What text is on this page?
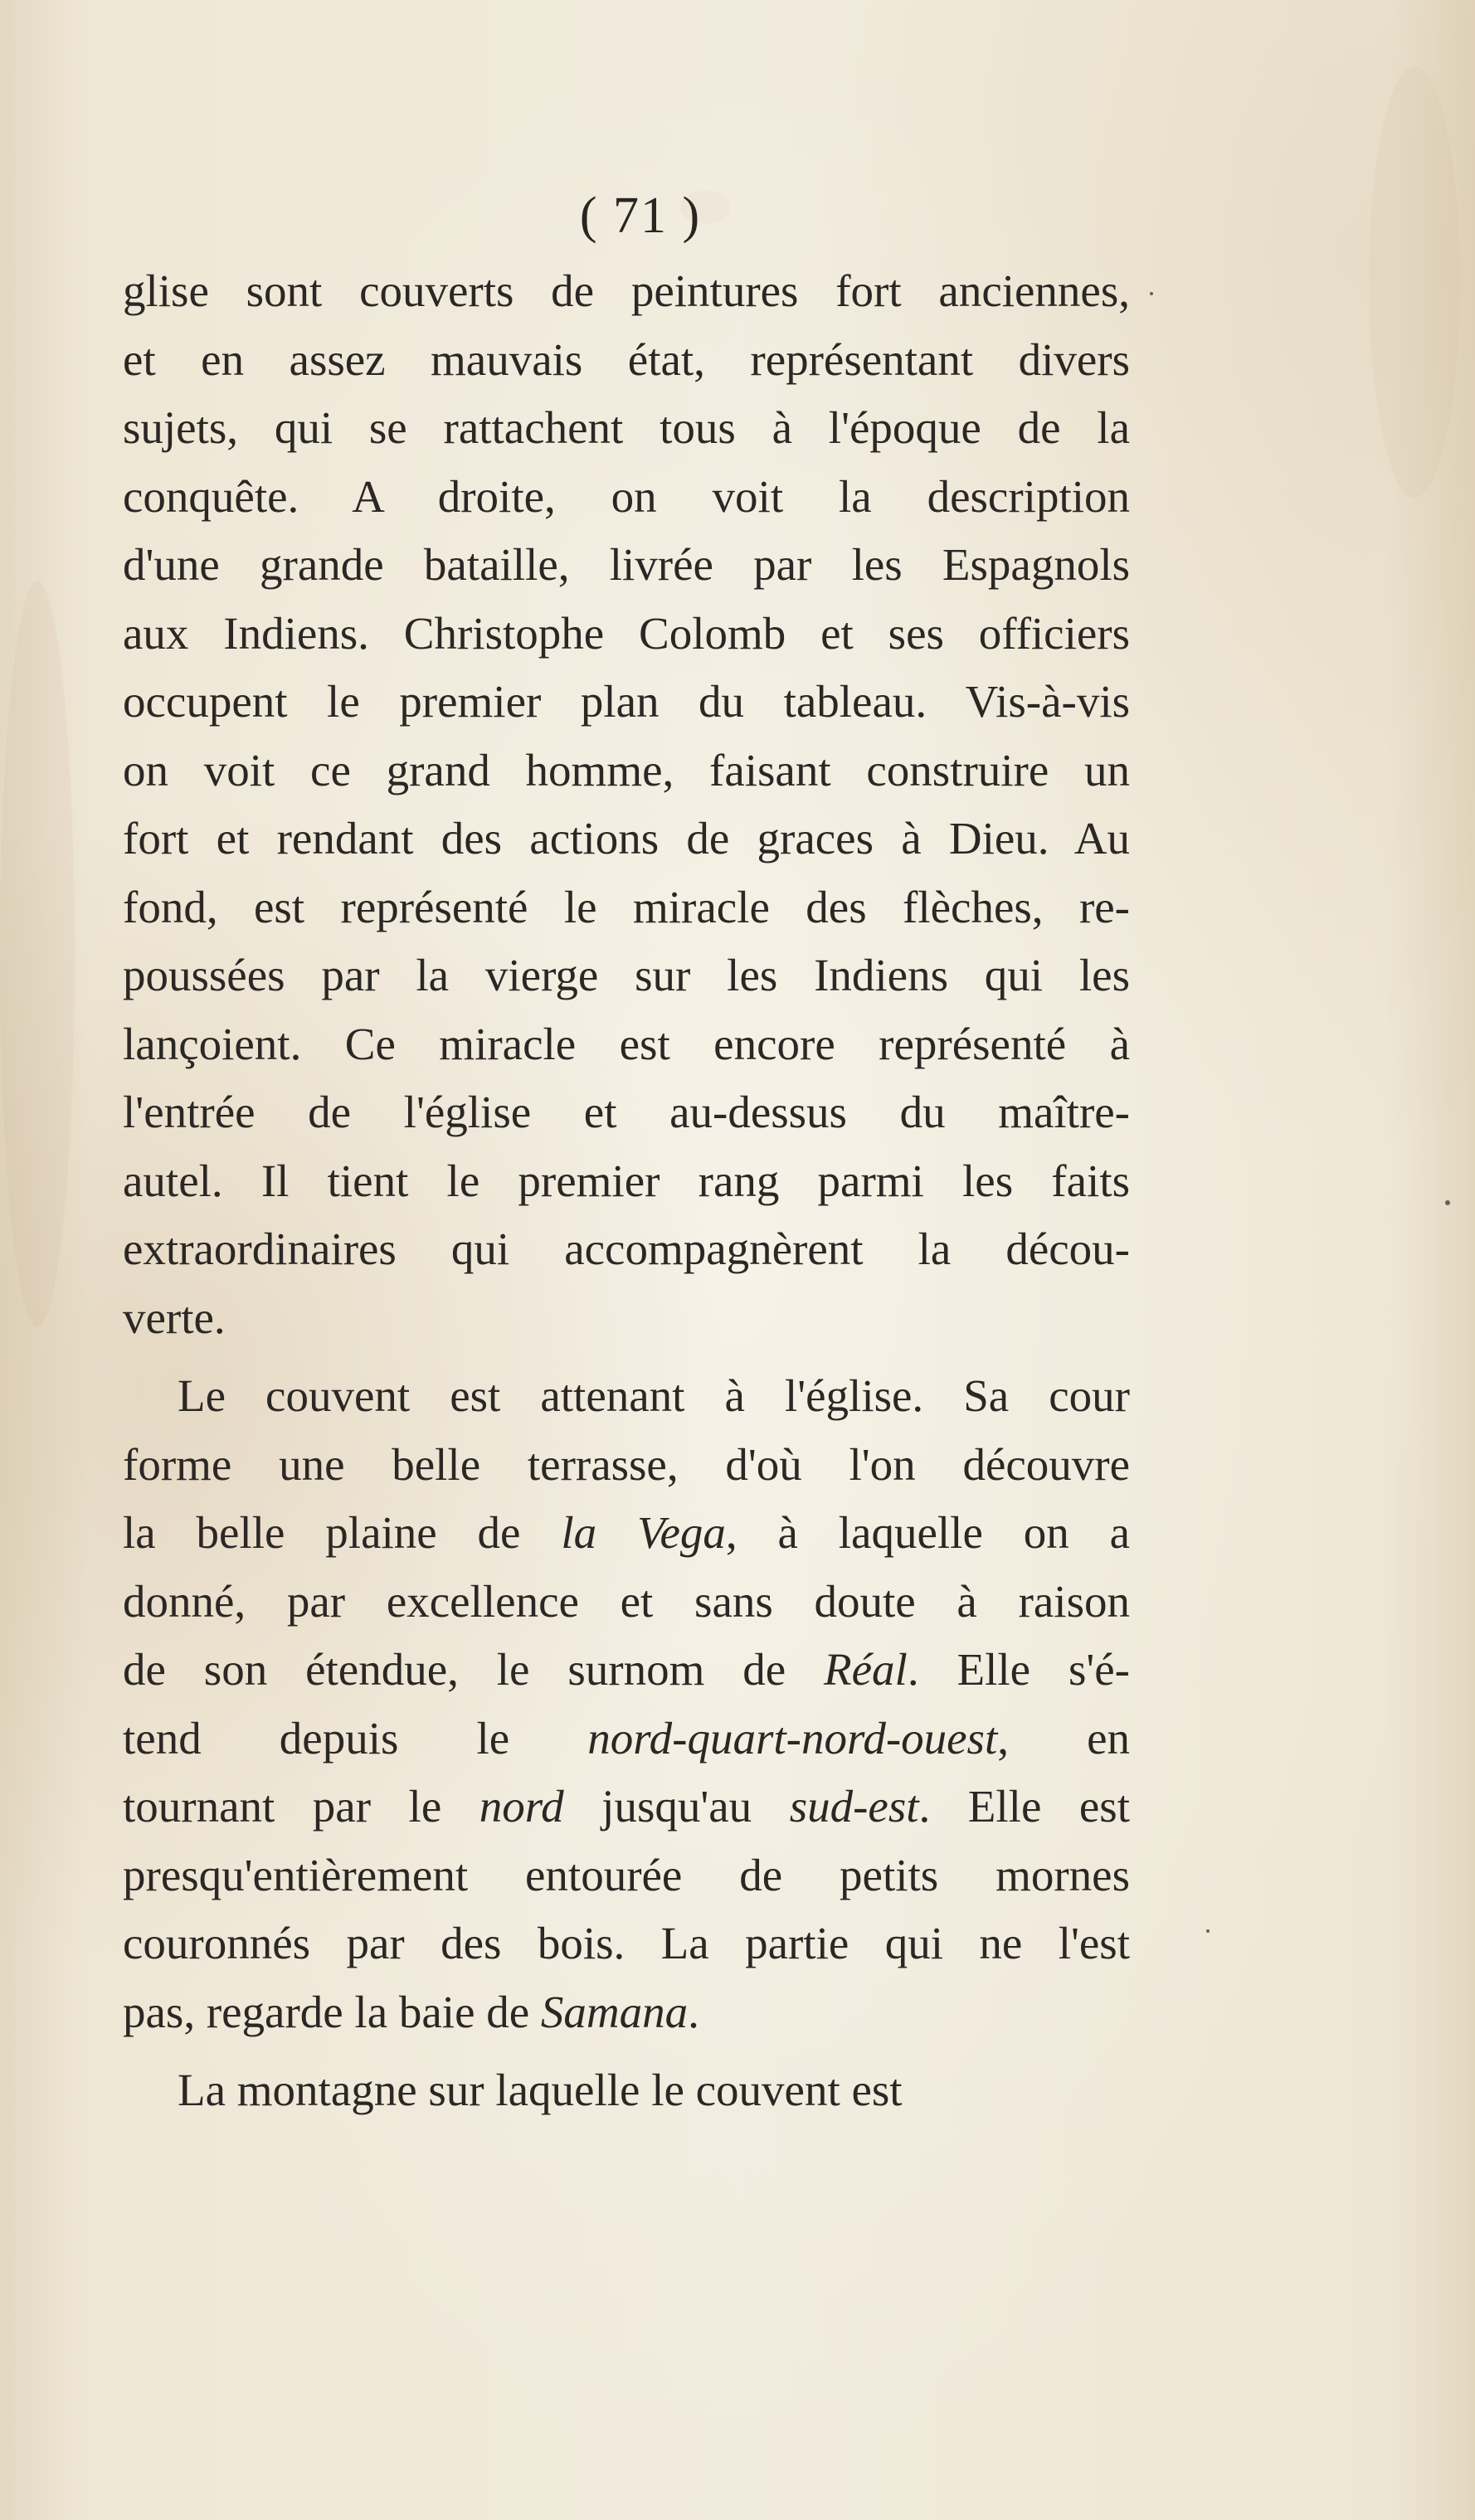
( 71 )
glise sont couverts de peintures fort anciennes,
et en assez mauvais état, représentant divers
sujets, qui se rattachent tous à l'époque de la
conquête. A droite, on voit la description
d'une grande bataille, livrée par les Espagnols
aux Indiens. Christophe Colomb et ses officiers
occupent le premier plan du tableau. Vis-à-vis
on voit ce grand homme, faisant construire un
fort et rendant des actions de graces à Dieu. Au
fond, est représenté le miracle des flèches, re-
poussées par la vierge sur les Indiens qui les
lançoient. Ce miracle est encore représenté à
l'entrée de l'église et au-dessus du maître-
autel. Il tient le premier rang parmi les faits
extraordinaires qui accompagnèrent la décou-
verte.
Le couvent est attenant à l'église. Sa cour
forme une belle terrasse, d'où l'on découvre
la belle plaine de la Vega, à laquelle on a
donné, par excellence et sans doute à raison
de son étendue, le surnom de Réal. Elle s'é-
tend depuis le nord-quart-nord-ouest, en
tournant par le nord jusqu'au sud-est. Elle est
presqu'entièrement entourée de petits mornes
couronnés par des bois. La partie qui ne l'est
pas, regarde la baie de Samana.
La montagne sur laquelle le couvent est
